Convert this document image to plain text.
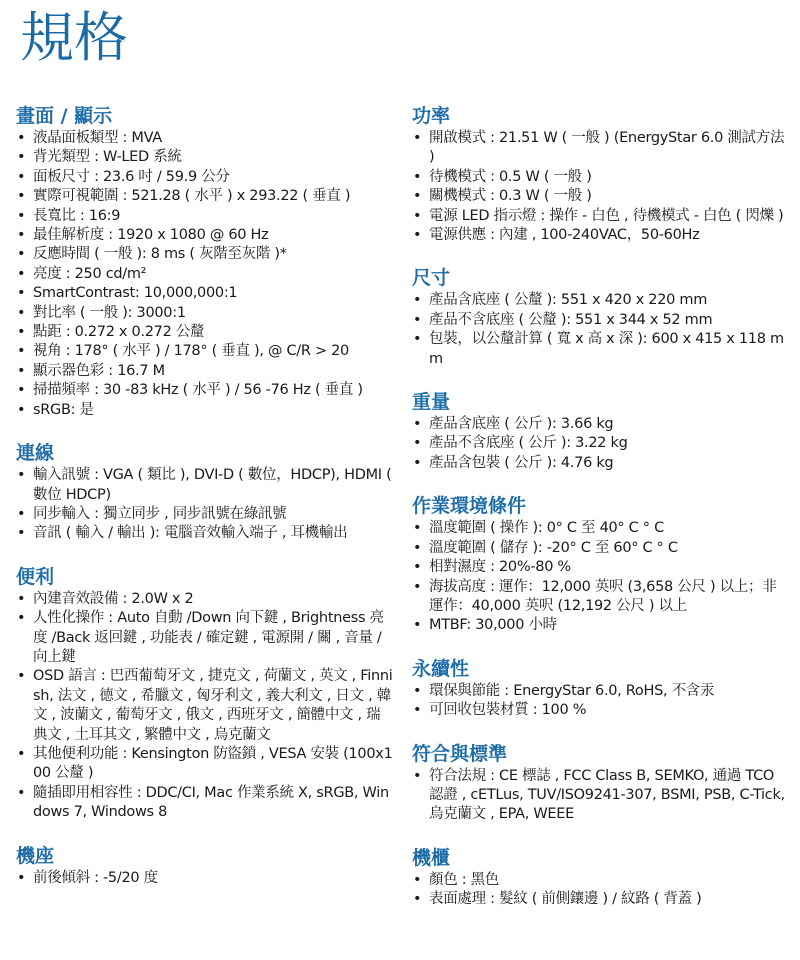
規格
畫面 / 顯示
• 液晶面板類型 : MVA
• 背光類型 : W-LED 系統
• 面板尺寸 : 23.6 吋 / 59.9 公分
• 實際可視範圍 : 521.28 ( 水平 ) x 293.22 ( 垂直 )
• 長寬比 : 16:9
• 最佳解析度 : 1920 x 1080 @ 60 Hz
• 反應時間 ( 一般 ): 8 ms ( 灰階至灰階 )*
• 亮度 : 250 cd/m²
• SmartContrast: 10,000,000:1
• 對比率 ( 一般 ): 3000:1
• 點距 : 0.272 x 0.272 公釐
• 視角 : 178° ( 水平 ) / 178° ( 垂直 ), @ C/R > 20
• 顯示器色彩 : 16.7 M
• 掃描頻率 : 30 -83 kHz ( 水平 ) / 56 -76 Hz ( 垂直 )
• sRGB: 是
連線
• 輸入訊號 : VGA ( 類比 ), DVI-D ( 數位，HDCP), HDMI ( 數位 HDCP)
• 同步輸入 : 獨立同步 , 同步訊號在綠訊號
• 音訊 ( 輸入 / 輸出 ): 電腦音效輸入端子 , 耳機輸出
便利
• 內建音效設備 : 2.0W x 2
• 人性化操作 : Auto 自動 /Down 向下鍵 , Brightness 亮度 /Back 返回鍵 , 功能表 / 確定鍵 , 電源開 / 關 , 音量 / 向上鍵
• OSD 語言 : 巴西葡萄牙文 , 捷克文 , 荷蘭文 , 英文 , Finnish, 法文 , 德文 , 希臘文 , 匈牙利文 , 義大利文 , 日文 , 韓文 , 波蘭文 , 葡萄牙文 , 俄文 , 西班牙文 , 簡體中文 , 瑞典文 , 土耳其文 , 繁體中文 , 烏克蘭文
• 其他便利功能 : Kensington 防盜鎖 , VESA 安裝 (100x100 公釐 )
• 隨插即用相容性 : DDC/CI, Mac 作業系統 X, sRGB, Windows 7, Windows 8
機座
• 前後傾斜 : -5/20 度
功率
• 開啟模式 : 21.51 W ( 一般 ) (EnergyStar 6.0 測試方法 )
• 待機模式 : 0.5 W ( 一般 )
• 關機模式 : 0.3 W ( 一般 )
• 電源 LED 指示燈 : 操作 - 白色 , 待機模式 - 白色 ( 閃爍 )
• 電源供應 : 內建 , 100-240VAC，50-60Hz
尺寸
• 產品含底座 ( 公釐 ): 551 x 420 x 220 mm
• 產品不含底座 ( 公釐 ): 551 x 344 x 52 mm
• 包裝，以公釐計算 ( 寬 x 高 x 深 ): 600 x 415 x 118 mm
重量
• 產品含底座 ( 公斤 ): 3.66 kg
• 產品不含底座 ( 公斤 ): 3.22 kg
• 產品含包裝 ( 公斤 ): 4.76 kg
作業環境條件
• 溫度範圍 ( 操作 ): 0° C 至 40° C ° C
• 溫度範圍 ( 儲存 ): -20° C 至 60° C ° C
• 相對濕度 : 20%-80 %
• 海拔高度 : 運作：12,000 英呎 (3,658 公尺 ) 以上；非運作：40,000 英呎 (12,192 公尺 ) 以上
• MTBF: 30,000 小時
永續性
• 環保與節能 : EnergyStar 6.0, RoHS, 不含汞
• 可回收包裝材質 : 100 %
符合與標準
• 符合法規 : CE 標誌 , FCC Class B, SEMKO, 通過 TCO 認證 , cETLus, TUV/ISO9241-307, BSMI, PSB, C-Tick, 烏克蘭文 , EPA, WEEE
機櫃
• 顏色 : 黑色
• 表面處理 : 髮紋 ( 前側鑲邊 ) / 紋路 ( 背蓋 )
